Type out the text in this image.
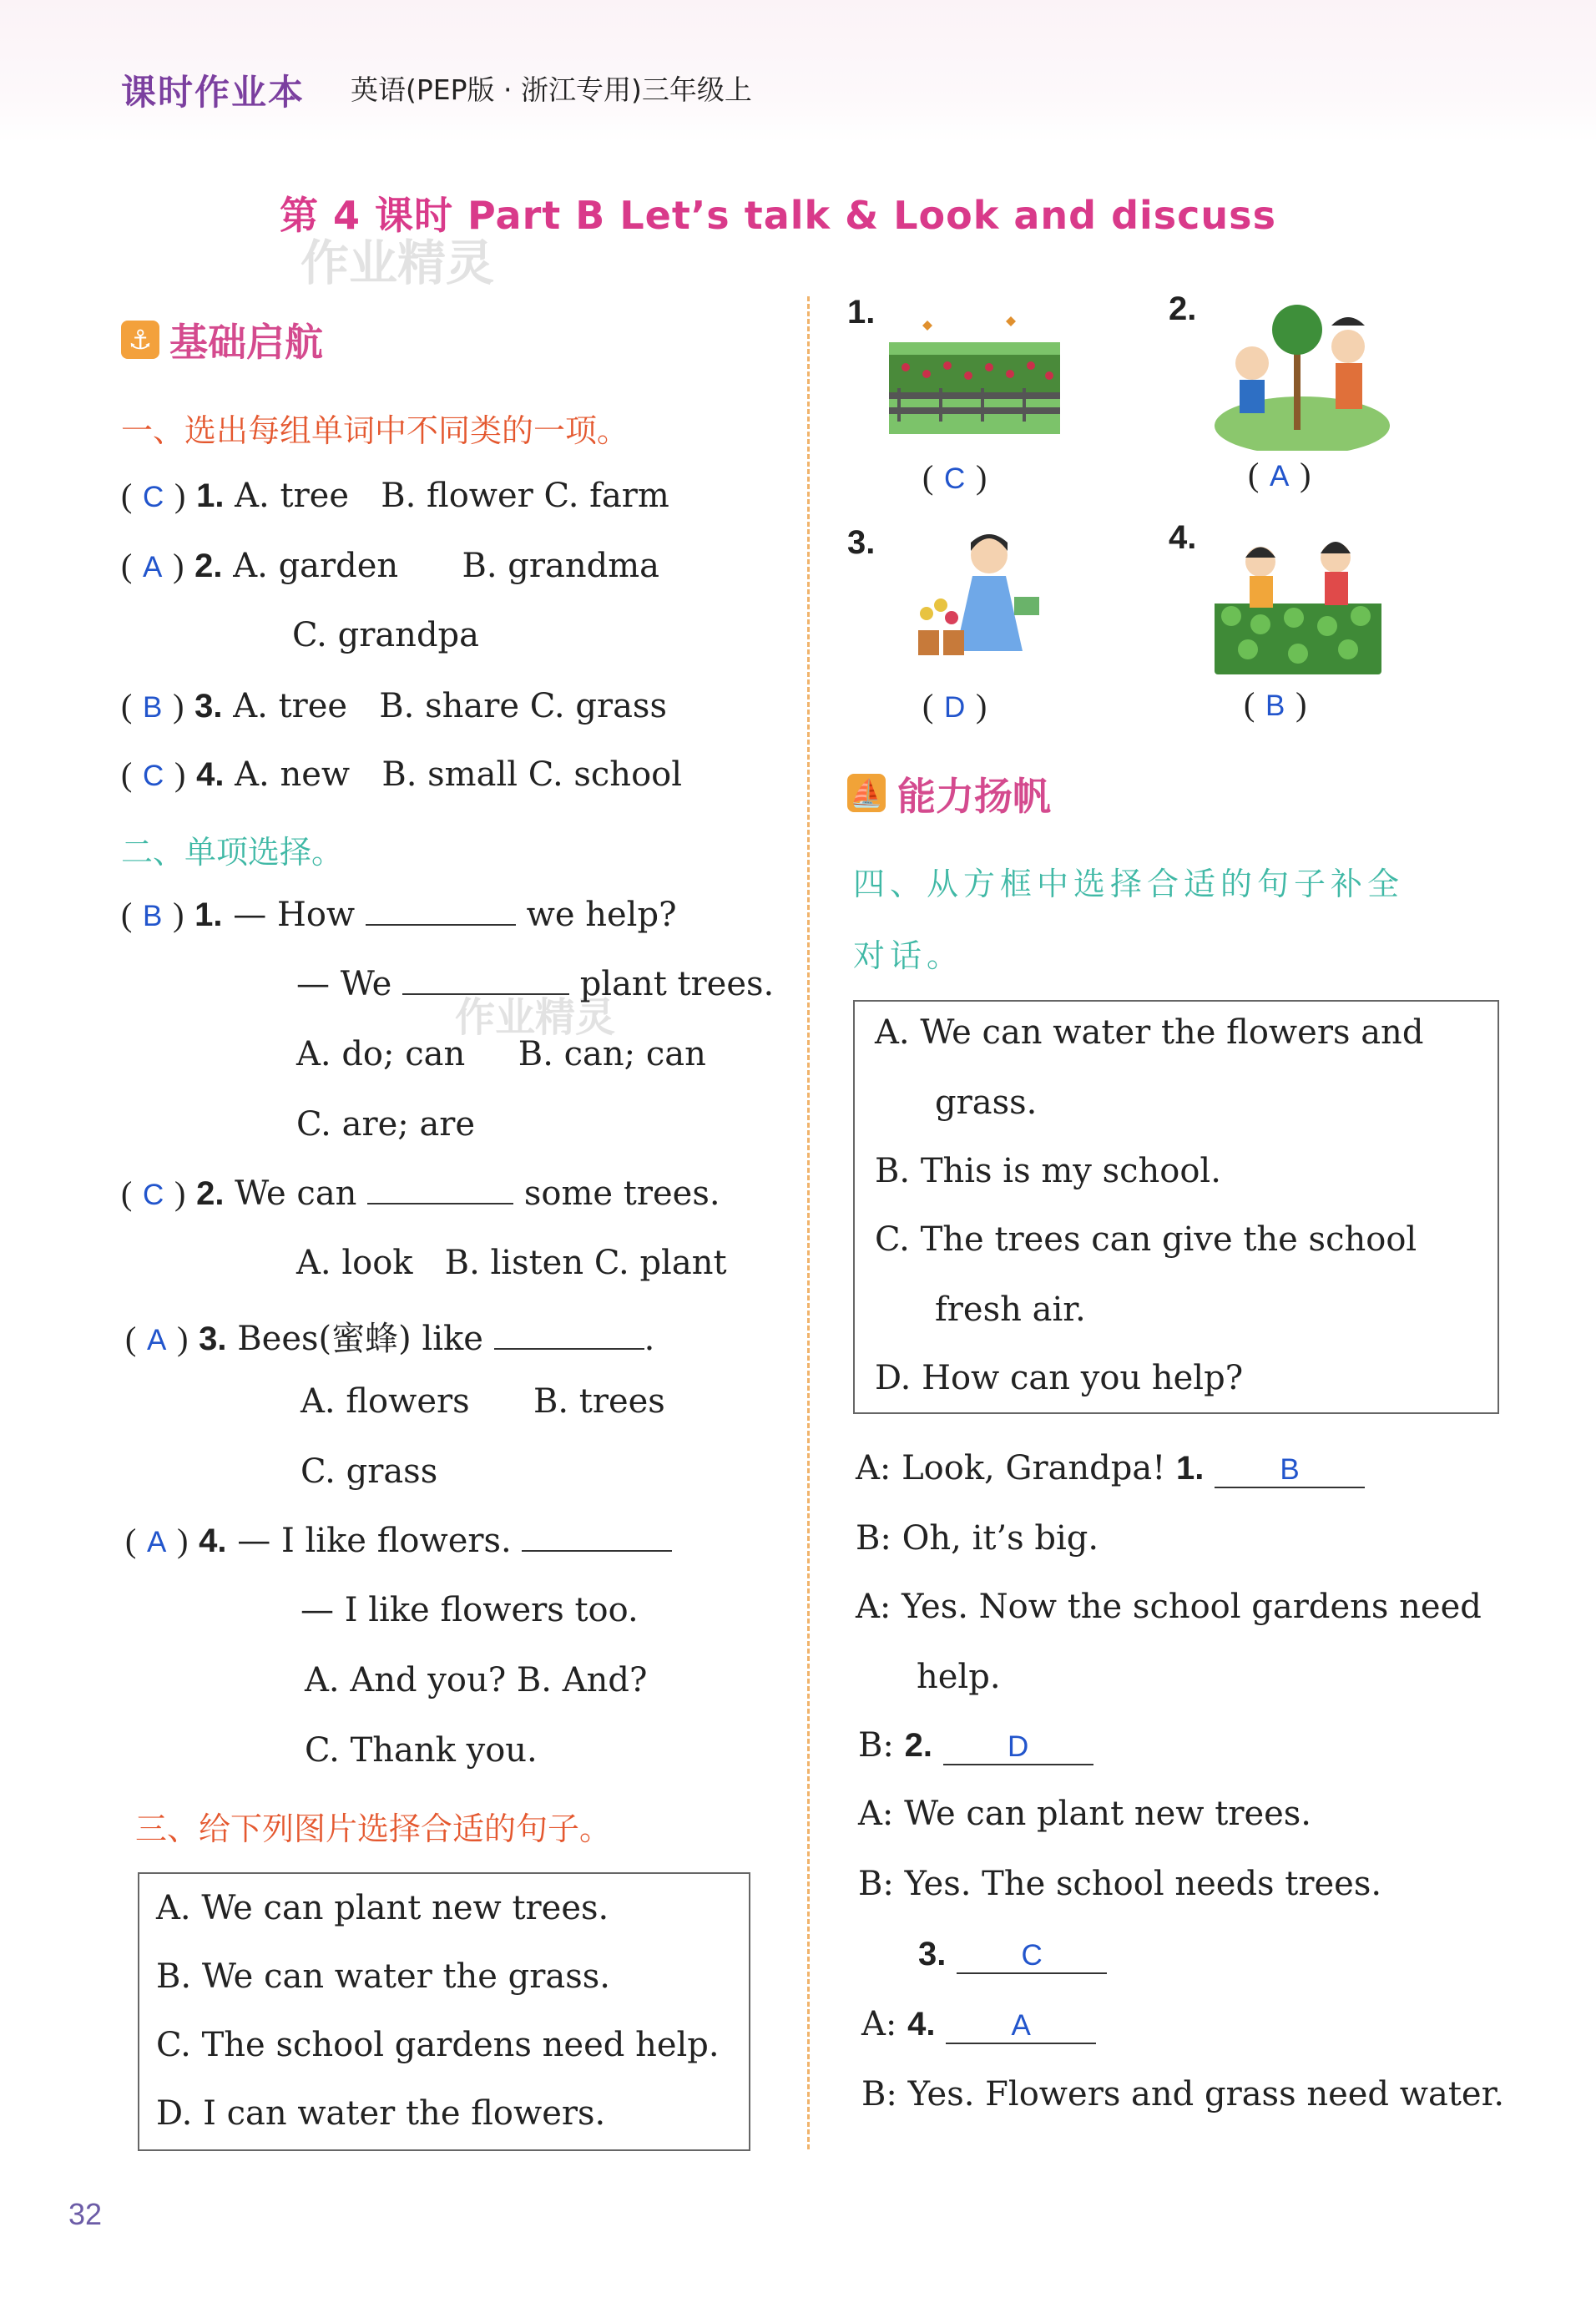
课时作业本 英语(PEP版 · 浙江专用)三年级上
第 4 课时 Part B Let’s talk & Look and discuss
作业精灵
作业精灵
⚓ 基础启航
一、选出每组单词中不同类的一项。
( C ) 1. A. tree B. flower C. farm
( A ) 2. A. garden B. grandma
C. grandpa
( B ) 3. A. tree B. share C. grass
( C ) 4. A. new B. small C. school
二、单项选择。
( B ) 1. — How	we help?
— We	plant trees.
A. do; can B. can; can
C. are; are
( C ) 2. We can	some trees.
A. look B. listen C. plant
( A ) 3. Bees(蜜蜂) like	.
A. flowers B. trees
C. grass
( A ) 4. — I like flowers.
— I like flowers too.
A. And you? B. And?
C. Thank you.
三、给下列图片选择合适的句子。
A. We can plant new trees.
B. We can water the grass.
C. The school gardens need help.
D. I can water the flowers.
1.
( C )
2.
( A )
3.
( D )
4.
( B )
⛵ 能力扬帆
四、从方框中选择合适的句子补全
对话。
A. We can water the flowers and
grass.
B. This is my school.
C. The trees can give the school
fresh air.
D. How can you help?
A: Look, Grandpa! 1.	B
B: Oh, it’s big.
A: Yes. Now the school gardens need
help.
B: 2.	D
A: We can plant new trees.
B: Yes. The school needs trees.
3.	C
A: 4.	A
B: Yes. Flowers and grass need water.
32
